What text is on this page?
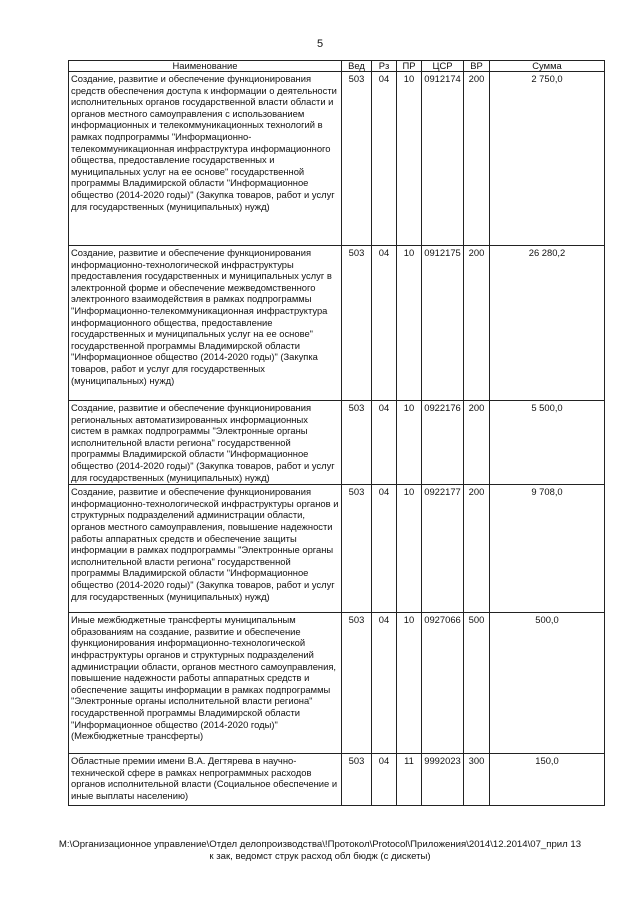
5
Наименование	Вед	Рз	ПР	ЦСР	ВР	Сумма
Создание, развитие и обеспечение функционирования средств обеспечения доступа к информации о деятельности исполнительных органов государственной власти области и органов местного самоуправления с использованием информационных и телекоммуникационных технологий в рамках подпрограммы "Информационно-телекоммуникационная инфраструктура информационного общества, предоставление государственных и муниципальных услуг на ее основе" государственной программы Владимирской области "Информационное общество (2014-2020 годы)" (Закупка товаров, работ и услуг для государственных (муниципальных) нужд)	503	04	10	0912174	200	2 750,0
Создание, развитие и обеспечение функционирования информационно-технологической инфраструктуры предоставления государственных и муниципальных услуг в электронной форме и обеспечение межведомственного электронного взаимодействия в рамках подпрограммы "Информационно-телекоммуникационная инфраструктура информационного общества, предоставление государственных и муниципальных услуг на ее основе" государственной программы Владимирской области "Информационное общество (2014-2020 годы)" (Закупка товаров, работ и услуг для государственных (муниципальных) нужд)	503	04	10	0912175	200	26 280,2
Создание, развитие и обеспечение функционирования региональных автоматизированных информационных систем в рамках подпрограммы "Электронные органы исполнительной власти региона" государственной программы Владимирской области "Информационное общество (2014-2020 годы)" (Закупка товаров, работ и услуг для государственных (муниципальных) нужд)	503	04	10	0922176	200	5 500,0
Создание, развитие и обеспечение функционирования информационно-технологической инфраструктуры органов и структурных подразделений администрации области, органов местного самоуправления, повышение надежности работы аппаратных средств и обеспечение защиты информации в рамках подпрограммы "Электронные органы исполнительной власти региона" государственной программы Владимирской области "Информационное общество (2014-2020 годы)" (Закупка товаров, работ и услуг для государственных (муниципальных) нужд)	503	04	10	0922177	200	9 708,0
Иные межбюджетные трансферты муниципальным образованиям на создание, развитие и обеспечение функционирования информационно-технологической инфраструктуры органов и структурных подразделений администрации области, органов местного самоуправления, повышение надежности работы аппаратных средств и обеспечение защиты информации в рамках подпрограммы "Электронные органы исполнительной власти региона" государственной программы Владимирской области "Информационное общество (2014-2020 годы)" (Межбюджетные трансферты)	503	04	10	0927066	500	500,0
Областные премии имени В.А. Дегтярева в научно-технической сфере в рамках непрограммных расходов органов исполнительной власти (Социальное обеспечение и иные выплаты населению)	503	04	11	9992023	300	150,0
M:\Организационное управление\Отдел делопроизводства\!Протокол\Protocol\Приложения\2014\12.2014\07_прил 13
к зак, ведомст струк расход обл бюдж (с дискеты)
